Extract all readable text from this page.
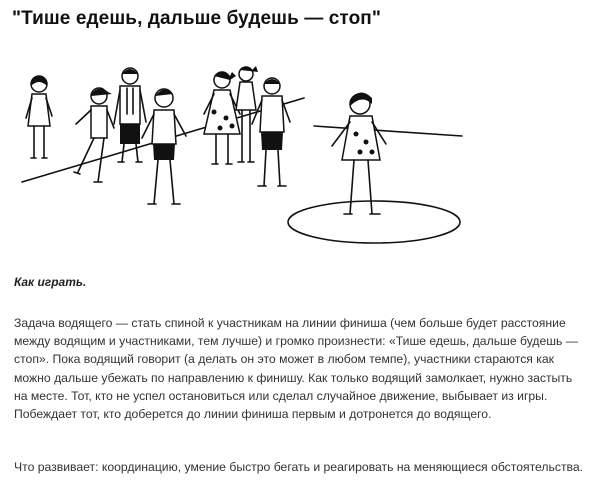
"Тише едешь, дальше будешь — стоп"
Как играть.

Задача водящего — стать спиной к участникам на линии финиша (чем больше будет расстояние между водящим и участниками, тем лучше) и громко произнести: «Тише едешь, дальше будешь — стоп». Пока водящий говорит (а делать он это может в любом темпе), участники стараются как можно дальше убежать по направлению к финишу. Как только водящий замолкает, нужно застыть на месте. Тот, кто не успел остановиться или сделал случайное движение, выбывает из игры. Побеждает тот, кто доберется до линии финиша первым и дотронется до водящего.

Что развивает: координацию, умение быстро бегать и реагировать на меняющиеся обстоятельства.
